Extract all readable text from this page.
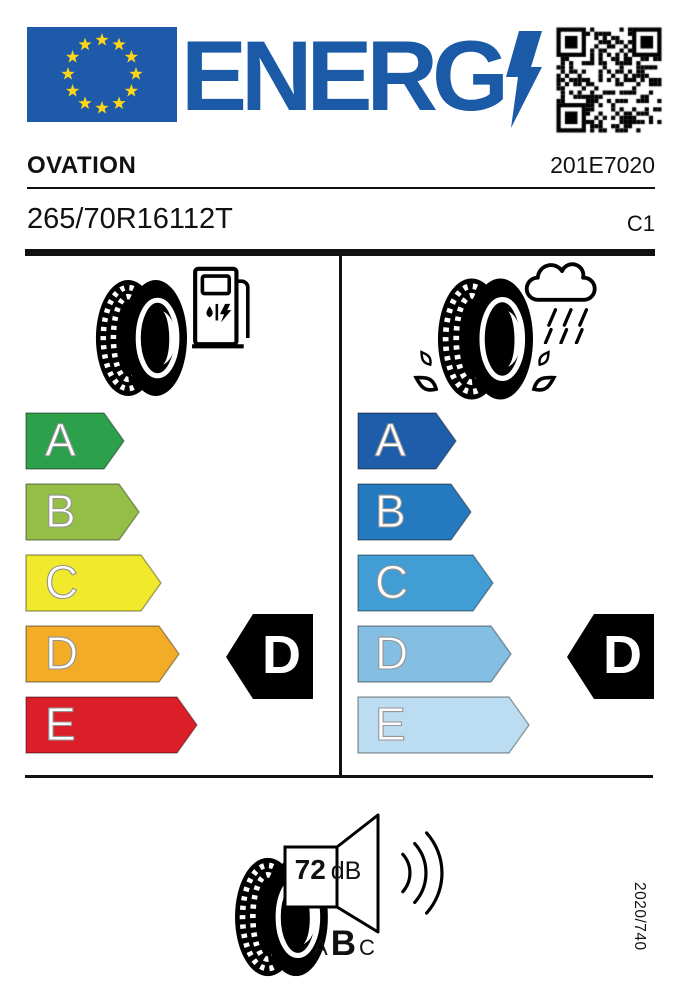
ENERG
OVATION	201E7020
265/70R16112T	C1
A
B
C
D
E
D
A
B
C
D
E
D
72 dB
A B C	2020/740
